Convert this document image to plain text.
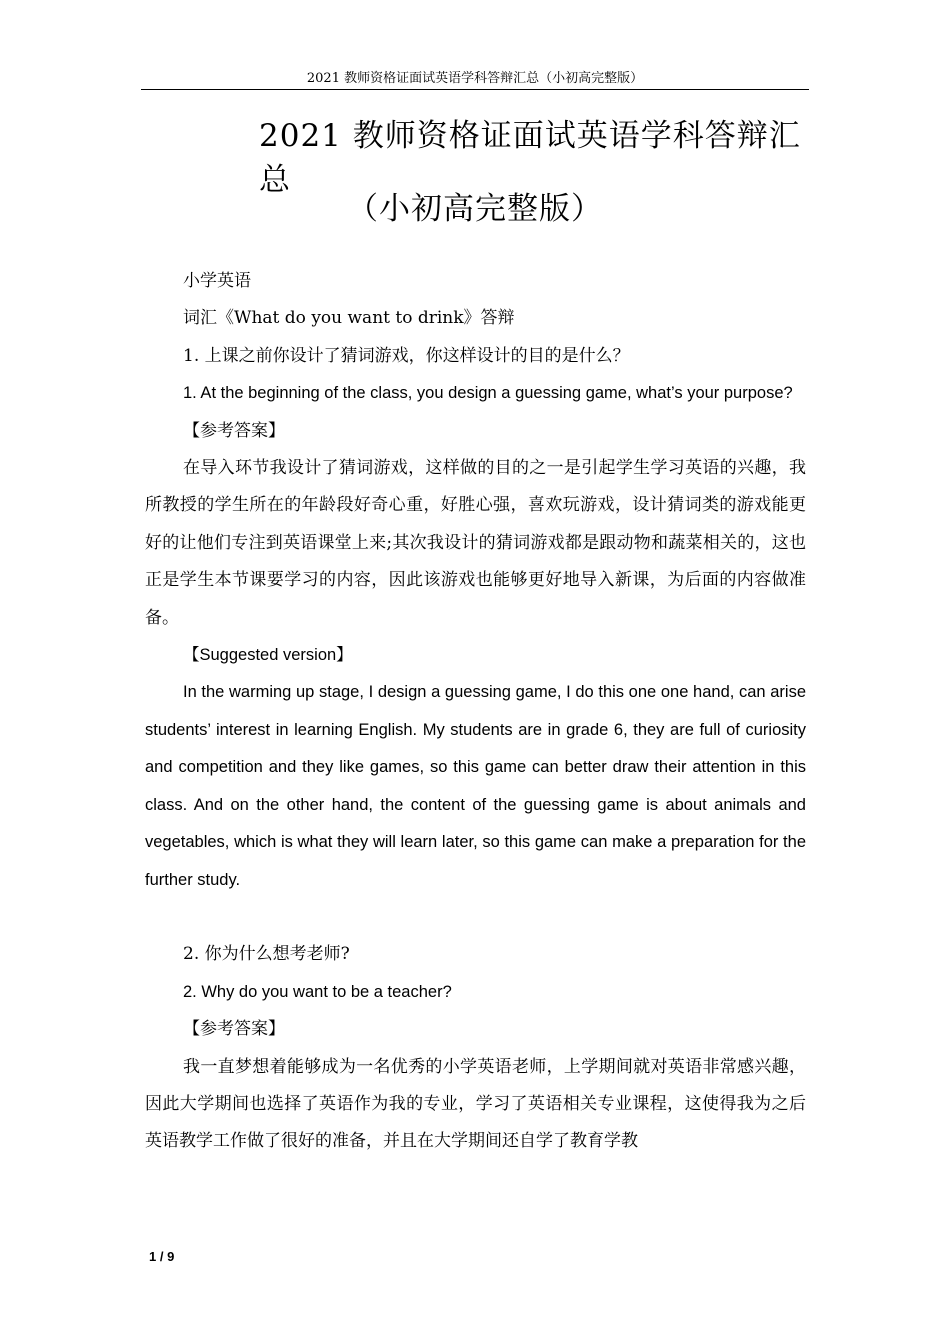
2021 教师资格证面试英语学科答辩汇总（小初高完整版）
2021 教师资格证面试英语学科答辩汇总
（小初高完整版）

小学英语

词汇《What do you want to drink》答辩

1. 上课之前你设计了猜词游戏，你这样设计的目的是什么？

1. At the beginning of the class, you design a guessing game, what’s your purpose?

【参考答案】

在导入环节我设计了猜词游戏，这样做的目的之一是引起学生学习英语的兴趣，我所教授的学生所在的年龄段好奇心重，好胜心强，喜欢玩游戏，设计猜词类的游戏能更好的让他们专注到英语课堂上来;其次我设计的猜词游戏都是跟动物和蔬菜相关的，这也正是学生本节课要学习的内容，因此该游戏也能够更好地导入新课，为后面的内容做准备。

【Suggested version】

In the warming up stage, I design a guessing game, I do this one one hand, can arise students’ interest in learning English. My students are in grade 6, they are full of curiosity and competition and they like games, so this game can better draw their attention in this class. And on the other hand, the content of the guessing game is about animals and vegetables, which is what they will learn later, so this game can make a preparation for the further study.

2. 你为什么想考老师?

2. Why do you want to be a teacher?

【参考答案】

我一直梦想着能够成为一名优秀的小学英语老师，上学期间就对英语非常感兴趣，因此大学期间也选择了英语作为我的专业，学习了英语相关专业课程，这使得我为之后英语教学工作做了很好的准备，并且在大学期间还自学了教育学教

1 / 9
